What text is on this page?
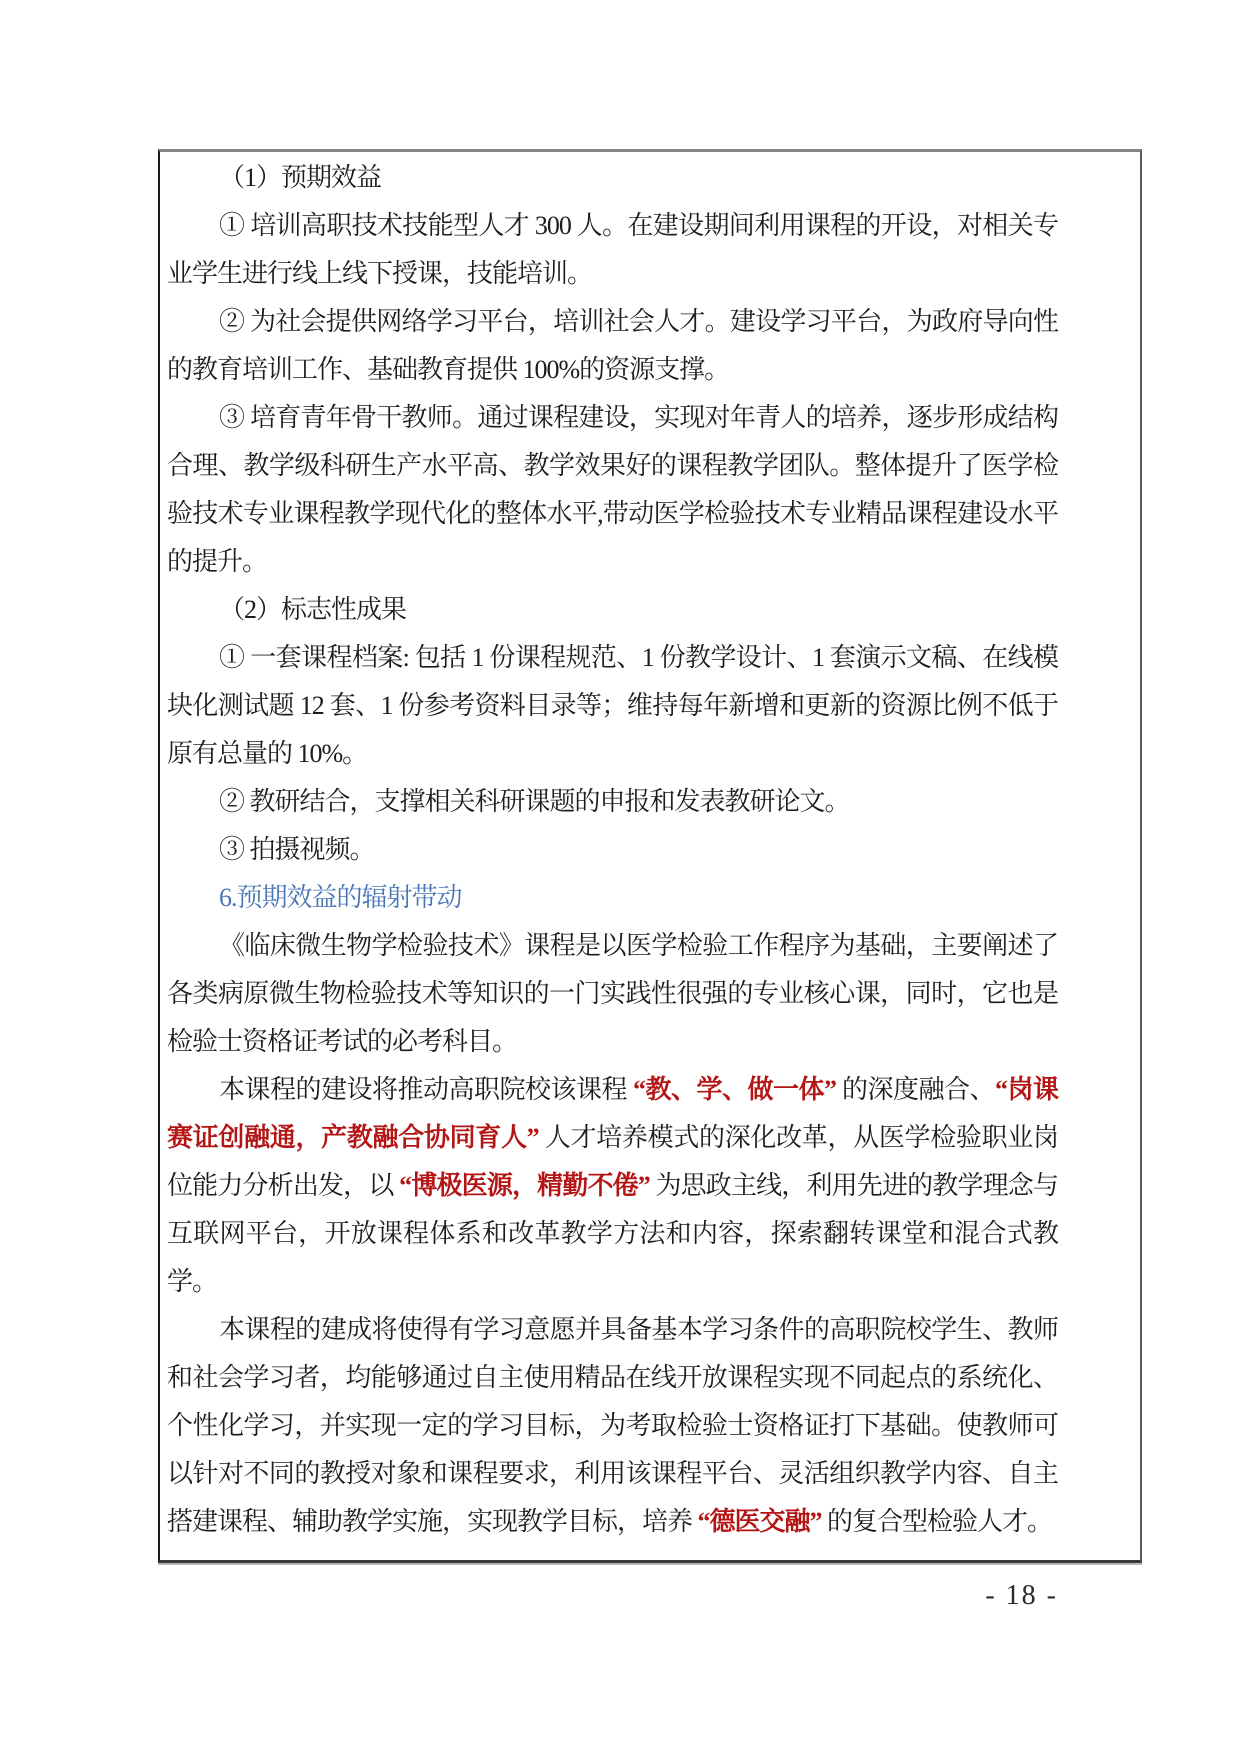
（1）预期效益

① 培训高职技术技能型人才 300 人。在建设期间利用课程的开设，对相关专业学生进行线上线下授课，技能培训。

② 为社会提供网络学习平台，培训社会人才。建设学习平台，为政府导向性的教育培训工作、基础教育提供 100%的资源支撑。

③ 培育青年骨干教师。通过课程建设，实现对年青人的培养，逐步形成结构合理、教学级科研生产水平高、教学效果好的课程教学团队。整体提升了医学检验技术专业课程教学现代化的整体水平,带动医学检验技术专业精品课程建设水平的提升。

（2）标志性成果

① 一套课程档案: 包括 1 份课程规范、1 份教学设计、1 套演示文稿、在线模块化测试题 12 套、1 份参考资料目录等；维持每年新增和更新的资源比例不低于原有总量的 10%。

② 教研结合，支撑相关科研课题的申报和发表教研论文。

③ 拍摄视频。

6.预期效益的辐射带动

《临床微生物学检验技术》课程是以医学检验工作程序为基础，主要阐述了各类病原微生物检验技术等知识的一门实践性很强的专业核心课，同时，它也是检验士资格证考试的必考科目。

本课程的建设将推动高职院校该课程 “教、学、做一体” 的深度融合、“岗课赛证创融通，产教融合协同育人” 人才培养模式的深化改革，从医学检验职业岗位能力分析出发，以 “博极医源，精勤不倦” 为思政主线，利用先进的教学理念与互联网平台，开放课程体系和改革教学方法和内容，探索翻转课堂和混合式教学。

本课程的建成将使得有学习意愿并具备基本学习条件的高职院校学生、教师和社会学习者，均能够通过自主使用精品在线开放课程实现不同起点的系统化、个性化学习，并实现一定的学习目标，为考取检验士资格证打下基础。使教师可以针对不同的教授对象和课程要求，利用该课程平台、灵活组织教学内容、自主搭建课程、辅助教学实施，实现教学目标，培养 “德医交融” 的复合型检验人才。

- 18 -
